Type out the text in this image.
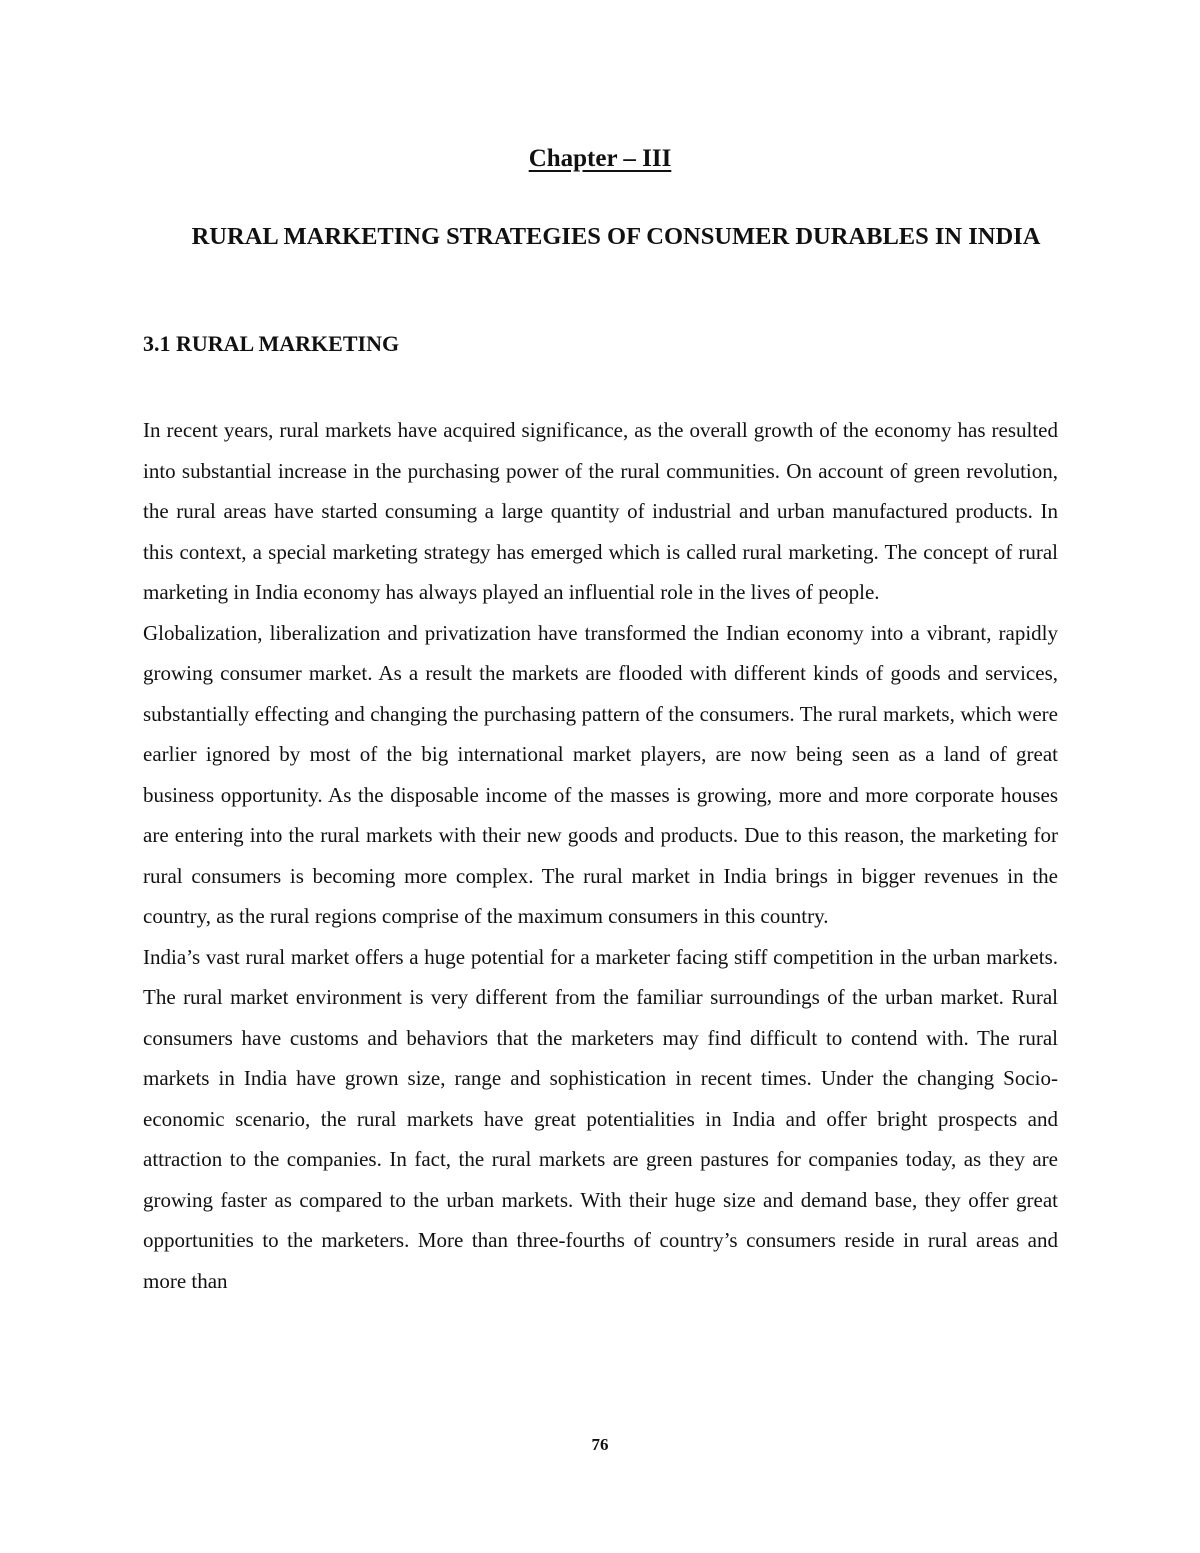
Chapter – III
RURAL MARKETING STRATEGIES OF CONSUMER DURABLES IN INDIA
3.1 RURAL MARKETING

In recent years, rural markets have acquired significance, as the overall growth of the economy has resulted into substantial increase in the purchasing power of the rural communities. On account of green revolution, the rural areas have started consuming a large quantity of industrial and urban manufactured products. In this context, a special marketing strategy has emerged which is called rural marketing. The concept of rural marketing in India economy has always played an influential role in the lives of people.

Globalization, liberalization and privatization have transformed the Indian economy into a vibrant, rapidly growing consumer market. As a result the markets are flooded with different kinds of goods and services, substantially effecting and changing the purchasing pattern of the consumers. The rural markets, which were earlier ignored by most of the big international market players, are now being seen as a land of great business opportunity. As the disposable income of the masses is growing, more and more corporate houses are entering into the rural markets with their new goods and products. Due to this reason, the marketing for rural consumers is becoming more complex. The rural market in India brings in bigger revenues in the country, as the rural regions comprise of the maximum consumers in this country.

India’s vast rural market offers a huge potential for a marketer facing stiff competition in the urban markets. The rural market environment is very different from the familiar surroundings of the urban market. Rural consumers have customs and behaviors that the marketers may find difficult to contend with. The rural markets in India have grown size, range and sophistication in recent times. Under the changing Socio-economic scenario, the rural markets have great potentialities in India and offer bright prospects and attraction to the companies. In fact, the rural markets are green pastures for companies today, as they are growing faster as compared to the urban markets. With their huge size and demand base, they offer great opportunities to the marketers. More than three-fourths of country’s consumers reside in rural areas and more than

76
